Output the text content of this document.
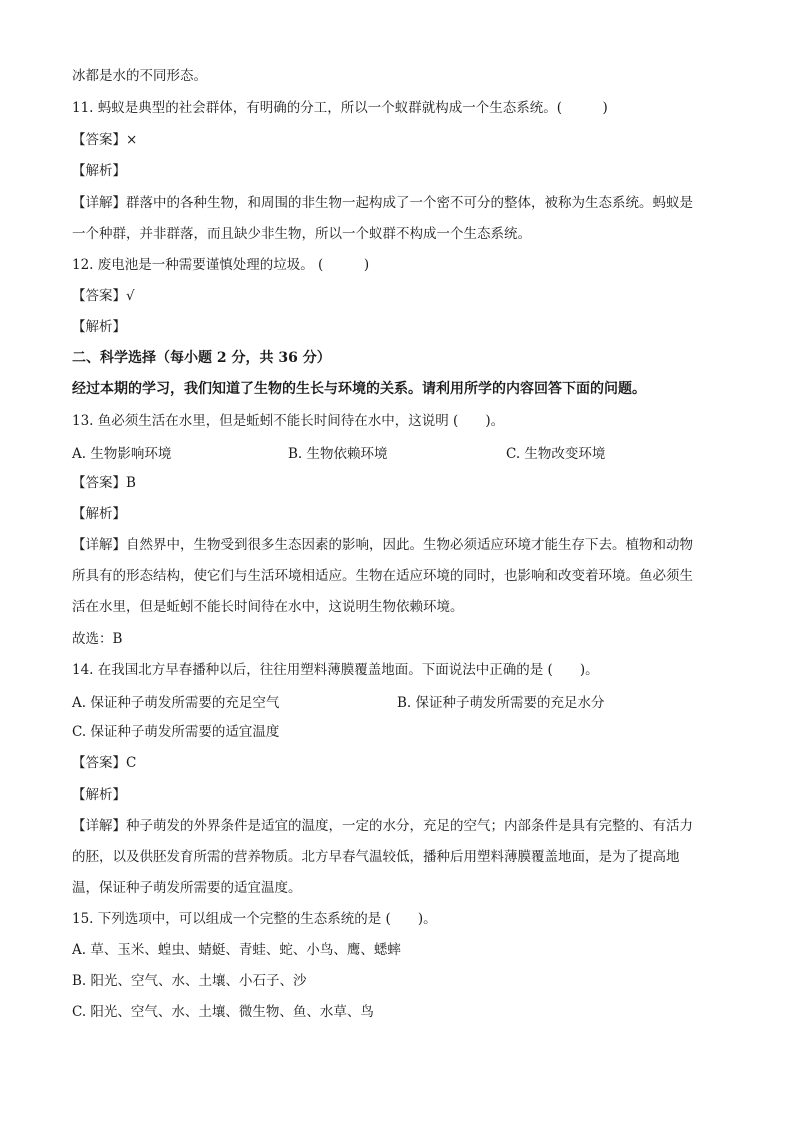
冰都是水的不同形态。
11. 蚂蚁是典型的社会群体，有明确的分工，所以一个蚁群就构成一个生态系统。(　　　)
【答案】×
【解析】
【详解】群落中的各种生物，和周围的非生物一起构成了一个密不可分的整体，被称为生态系统。蚂蚁是
一个种群，并非群落，而且缺少非生物，所以一个蚁群不构成一个生态系统。
12. 废电池是一种需要谨慎处理的垃圾。 (　　　)
【答案】√
【解析】
二、科学选择（每小题 2 分，共 36 分）
经过本期的学习，我们知道了生物的生长与环境的关系。请利用所学的内容回答下面的问题。
13. 鱼必须生活在水里，但是蚯蚓不能长时间待在水中，这说明 (　　)。
A. 生物影响环境	B. 生物依赖环境	C. 生物改变环境
【答案】B
【解析】
【详解】自然界中，生物受到很多生态因素的影响，因此。生物必须适应环境才能生存下去。植物和动物
所具有的形态结构，使它们与生活环境相适应。生物在适应环境的同时，也影响和改变着环境。鱼必须生
活在水里，但是蚯蚓不能长时间待在水中，这说明生物依赖环境。
故选：B
14. 在我国北方早春播种以后，往往用塑料薄膜覆盖地面。下面说法中正确的是 (　　)。
A. 保证种子萌发所需要的充足空气	B. 保证种子萌发所需要的充足水分
C. 保证种子萌发所需要的适宜温度
【答案】C
【解析】
【详解】种子萌发的外界条件是适宜的温度，一定的水分，充足的空气；内部条件是具有完整的、有活力
的胚，以及供胚发育所需的营养物质。北方早春气温较低，播种后用塑料薄膜覆盖地面，是为了提高地
温，保证种子萌发所需要的适宜温度。
15. 下列选项中，可以组成一个完整的生态系统的是 (　　)。
A. 草、玉米、蝗虫、蜻蜓、青蛙、蛇、小鸟、鹰、蟋蟀
B. 阳光、空气、水、土壤、小石子、沙
C. 阳光、空气、水、土壤、微生物、鱼、水草、鸟
